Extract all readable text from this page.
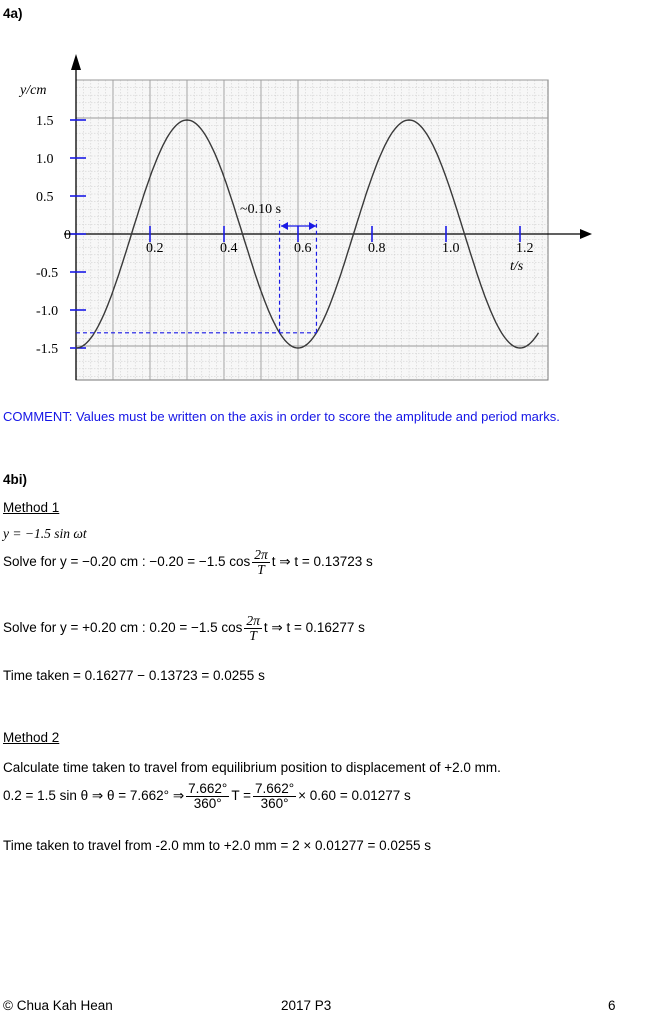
4a)
1.5
1.0
0.5
0
-0.5
-1.0
-1.5
0.2	0.4	0.6	0.8	1.0	1.2
y/cm
t/s
~0.10 s
COMMENT: Values must be written on the axis in order to score the amplitude and period marks.
4bi)
Method 1
y = −1.5 sin ωt
Solve for y = −0.20 cm : −0.20 = −1.5 $\cos \frac{2\pi}{T}$ t ⇒ t = 0.13723 s
Solve for y = +0.20 cm : 0.20 = −1.5 $\cos \frac{2\pi}{T}$ t ⇒ t = 0.16277 s
Time taken = 0.16277 − 0.13723 = 0.0255 s
Method 2
Calculate time taken to travel from equilibrium position to displacement of +2.0 mm.
0.2 = 1.5 sin θ ⇒ θ = 7.662° ⇒ $\frac{7.662^\circ}{360^\circ}$ $T = \frac{7.662^\circ}{360^\circ} \times 0.60 = 0.01277$ s
Time taken to travel from -2.0 mm to +2.0 mm = 2 × 0.01277 = 0.0255 s
© Chua Kah Hean	2017 P3	6
